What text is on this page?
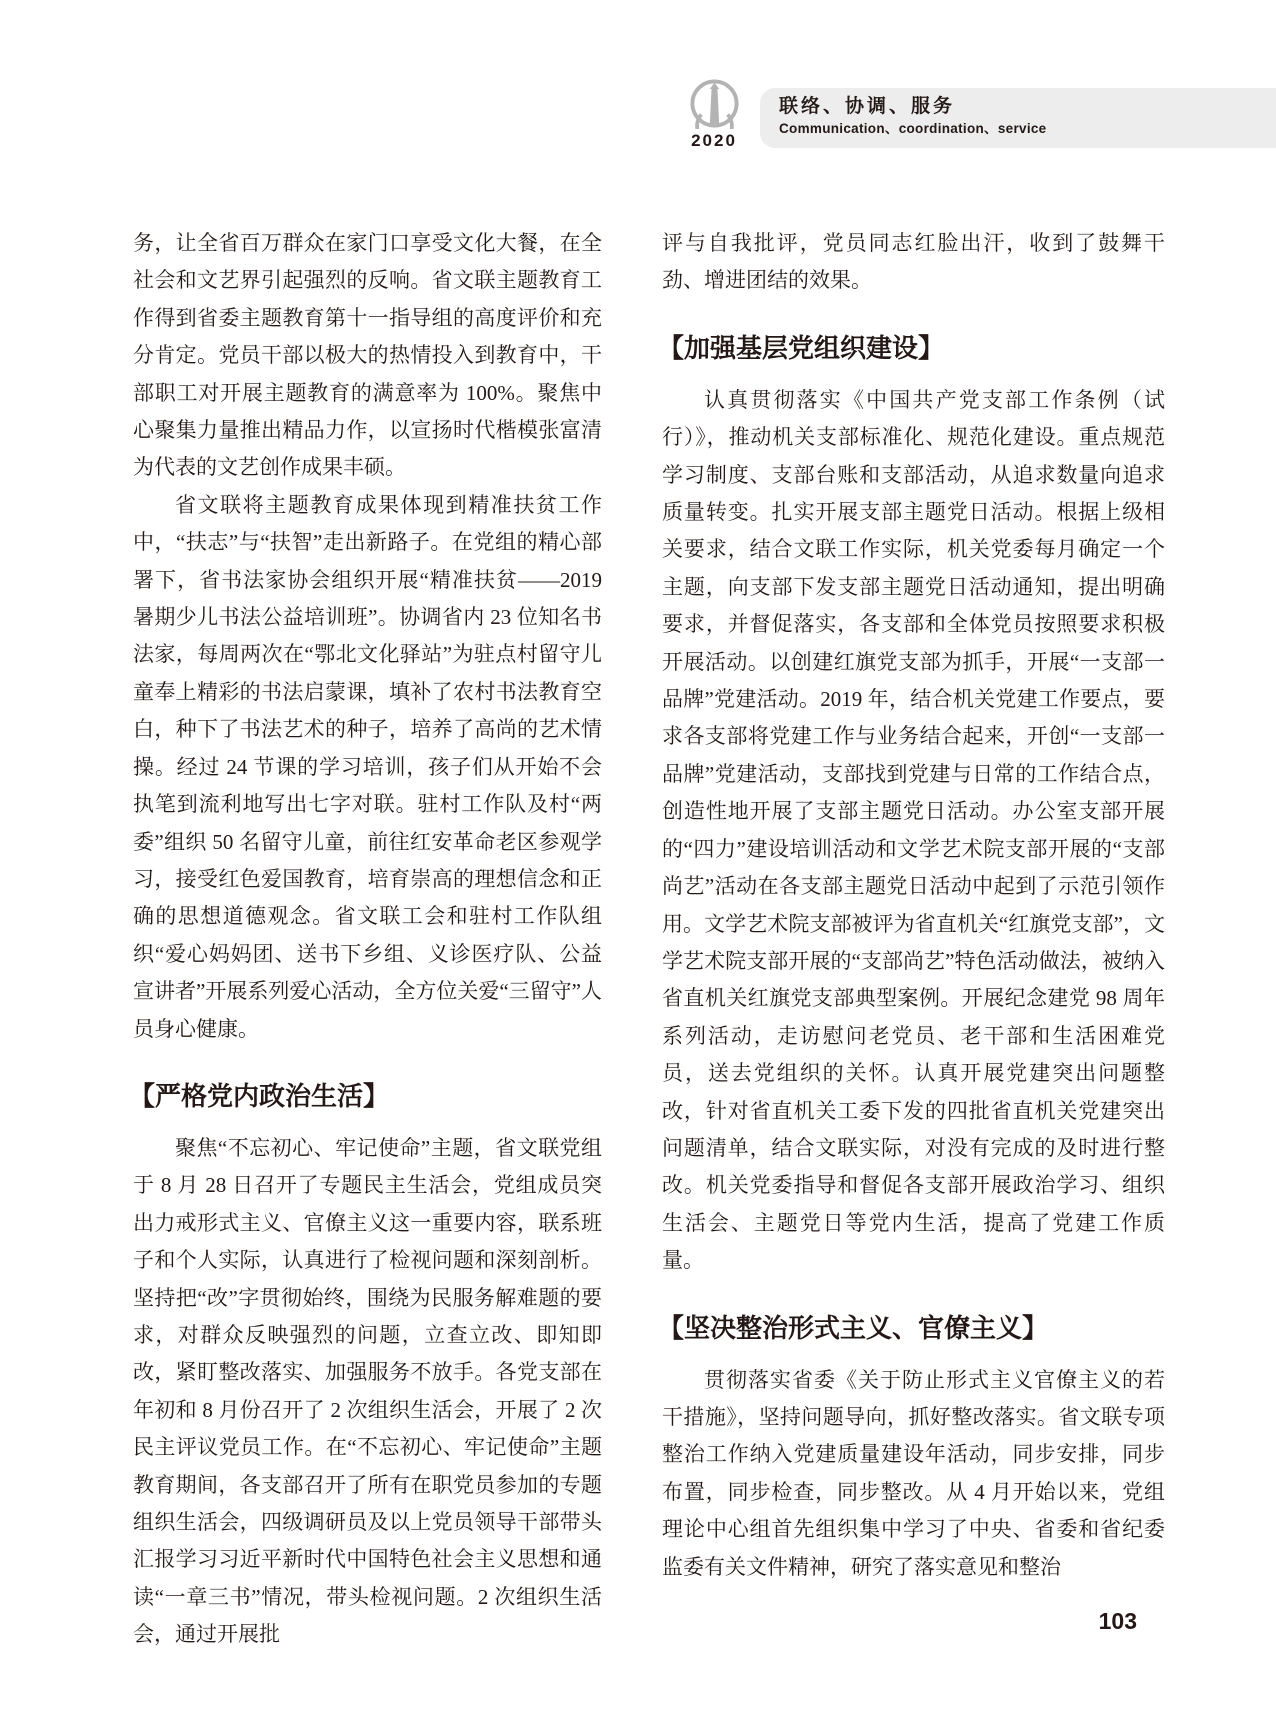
2020
联络、协调、服务
Communication、coordination、service

务，让全省百万群众在家门口享受文化大餐，在全社会和文艺界引起强烈的反响。省文联主题教育工作得到省委主题教育第十一指导组的高度评价和充分肯定。党员干部以极大的热情投入到教育中，干部职工对开展主题教育的满意率为 100%。聚焦中心聚集力量推出精品力作，以宣扬时代楷模张富清为代表的文艺创作成果丰硕。

省文联将主题教育成果体现到精准扶贫工作中，“扶志”与“扶智”走出新路子。在党组的精心部署下，省书法家协会组织开展“精准扶贫——2019 暑期少儿书法公益培训班”。协调省内 23 位知名书法家，每周两次在“鄂北文化驿站”为驻点村留守儿童奉上精彩的书法启蒙课，填补了农村书法教育空白，种下了书法艺术的种子，培养了高尚的艺术情操。经过 24 节课的学习培训，孩子们从开始不会执笔到流利地写出七字对联。驻村工作队及村“两委”组织 50 名留守儿童，前往红安革命老区参观学习，接受红色爱国教育，培育崇高的理想信念和正确的思想道德观念。省文联工会和驻村工作队组织“爱心妈妈团、送书下乡组、义诊医疗队、公益宣讲者”开展系列爱心活动，全方位关爱“三留守”人员身心健康。

【严格党内政治生活】

聚焦“不忘初心、牢记使命”主题，省文联党组于 8 月 28 日召开了专题民主生活会，党组成员突出力戒形式主义、官僚主义这一重要内容，联系班子和个人实际，认真进行了检视问题和深刻剖析。坚持把“改”字贯彻始终，围绕为民服务解难题的要求，对群众反映强烈的问题，立查立改、即知即改，紧盯整改落实、加强服务不放手。各党支部在年初和 8 月份召开了 2 次组织生活会，开展了 2 次民主评议党员工作。在“不忘初心、牢记使命”主题教育期间，各支部召开了所有在职党员参加的专题组织生活会，四级调研员及以上党员领导干部带头汇报学习习近平新时代中国特色社会主义思想和通读“一章三书”情况，带头检视问题。2 次组织生活会，通过开展批

评与自我批评，党员同志红脸出汗，收到了鼓舞干劲、增进团结的效果。

【加强基层党组织建设】

认真贯彻落实《中国共产党支部工作条例（试行）》，推动机关支部标准化、规范化建设。重点规范学习制度、支部台账和支部活动，从追求数量向追求质量转变。扎实开展支部主题党日活动。根据上级相关要求，结合文联工作实际，机关党委每月确定一个主题，向支部下发支部主题党日活动通知，提出明确要求，并督促落实，各支部和全体党员按照要求积极开展活动。以创建红旗党支部为抓手，开展“一支部一品牌”党建活动。2019 年，结合机关党建工作要点，要求各支部将党建工作与业务结合起来，开创“一支部一品牌”党建活动，支部找到党建与日常的工作结合点，创造性地开展了支部主题党日活动。办公室支部开展的“四力”建设培训活动和文学艺术院支部开展的“支部尚艺”活动在各支部主题党日活动中起到了示范引领作用。文学艺术院支部被评为省直机关“红旗党支部”，文学艺术院支部开展的“支部尚艺”特色活动做法，被纳入省直机关红旗党支部典型案例。开展纪念建党 98 周年系列活动，走访慰问老党员、老干部和生活困难党员，送去党组织的关怀。认真开展党建突出问题整改，针对省直机关工委下发的四批省直机关党建突出问题清单，结合文联实际，对没有完成的及时进行整改。机关党委指导和督促各支部开展政治学习、组织生活会、主题党日等党内生活，提高了党建工作质量。

【坚决整治形式主义、官僚主义】

贯彻落实省委《关于防止形式主义官僚主义的若干措施》，坚持问题导向，抓好整改落实。省文联专项整治工作纳入党建质量建设年活动，同步安排，同步布置，同步检查，同步整改。从 4 月开始以来，党组理论中心组首先组织集中学习了中央、省委和省纪委监委有关文件精神，研究了落实意见和整治

103
